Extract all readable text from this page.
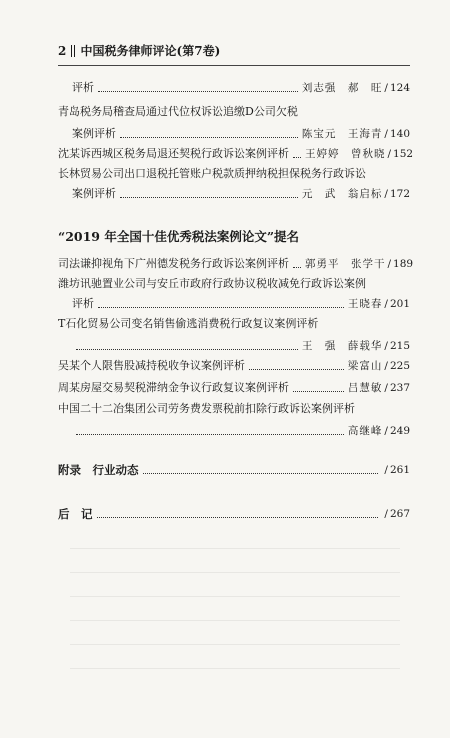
2 中国税务律师评论(第7卷)
评析	刘志强　郝　旺 / 124
青岛税务局稽查局通过代位权诉讼追缴D公司欠税
案例评析	陈宝元　王海青 / 140
沈某诉西城区税务局退还契税行政诉讼案例评析 王婷婷　曾秋晓 / 152
长林贸易公司出口退税托管账户税款质押纳税担保税务行政诉讼
案例评析	元　武　翁启标 / 172
“2019 年全国十佳优秀税法案例论文”提名
司法谦抑视角下广州德发税务行政诉讼案例评析 郭勇平　张学干 / 189
潍坊讯驰置业公司与安丘市政府行政协议税收减免行政诉讼案例
评析	王晓春 / 201
T石化贸易公司变名销售偷逃消费税行政复议案例评析
王　强　薛载华 / 215
吴某个人限售股减持税收争议案例评析	梁富山 / 225
周某房屋交易契税滞纳金争议行政复议案例评析	吕慧敏 / 237
中国二十二冶集团公司劳务费发票税前扣除行政诉讼案例评析
高继峰 / 249
附录　行业动态	/ 261
后　记	/ 267
